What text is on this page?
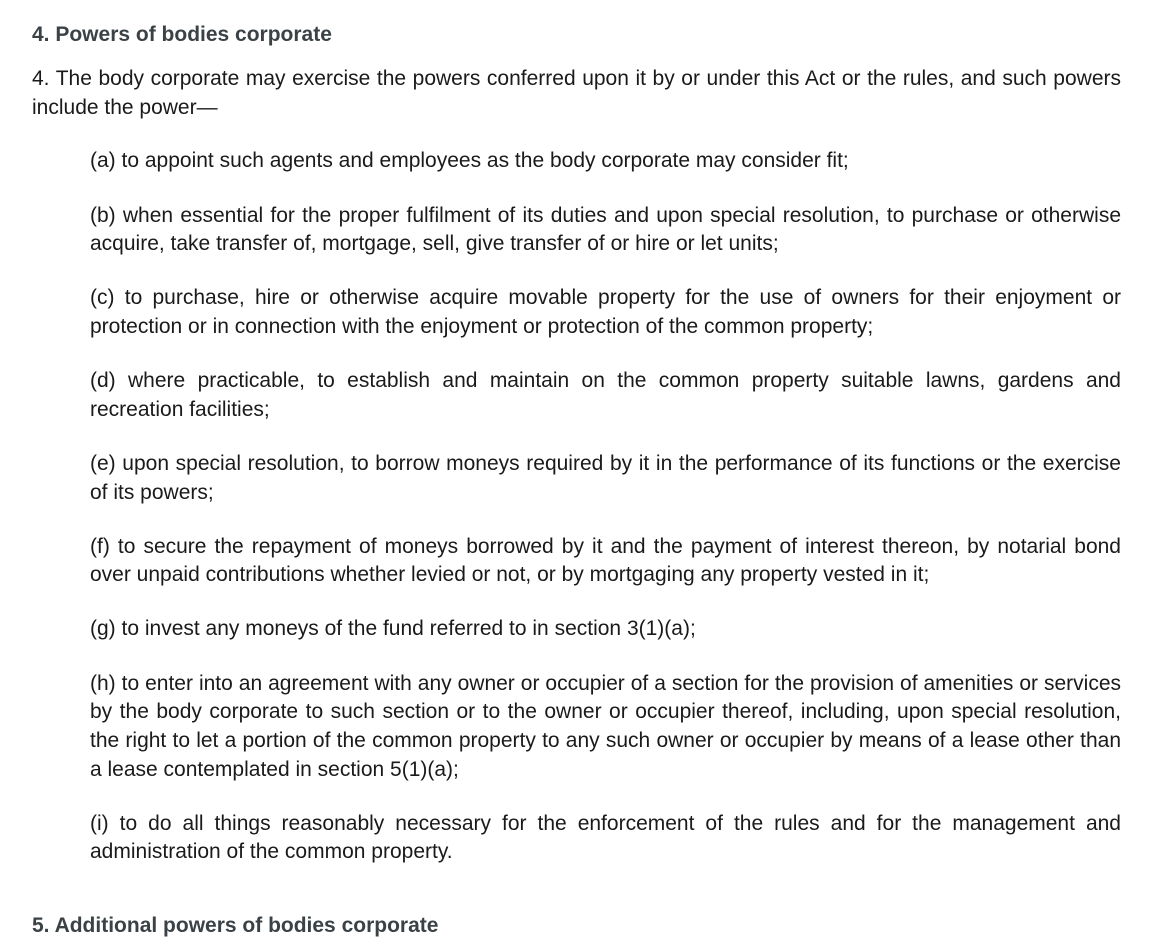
4. Powers of bodies corporate

4. The body corporate may exercise the powers conferred upon it by or under this Act or the rules, and such powers include the power—

(a) to appoint such agents and employees as the body corporate may consider fit;
(b) when essential for the proper fulfilment of its duties and upon special resolution, to purchase or otherwise acquire, take transfer of, mortgage, sell, give transfer of or hire or let units;
(c) to purchase, hire or otherwise acquire movable property for the use of owners for their enjoyment or protection or in connection with the enjoyment or protection of the common property;
(d) where practicable, to establish and maintain on the common property suitable lawns, gardens and recreation facilities;
(e) upon special resolution, to borrow moneys required by it in the performance of its functions or the exercise of its powers;
(f) to secure the repayment of moneys borrowed by it and the payment of interest thereon, by notarial bond over unpaid contributions whether levied or not, or by mortgaging any property vested in it;
(g) to invest any moneys of the fund referred to in section 3(1)(a);
(h) to enter into an agreement with any owner or occupier of a section for the provision of amenities or services by the body corporate to such section or to the owner or occupier thereof, including, upon special resolution, the right to let a portion of the common property to any such owner or occupier by means of a lease other than a lease contemplated in section 5(1)(a);
(i) to do all things reasonably necessary for the enforcement of the rules and for the management and administration of the common property.
5. Additional powers of bodies corporate
